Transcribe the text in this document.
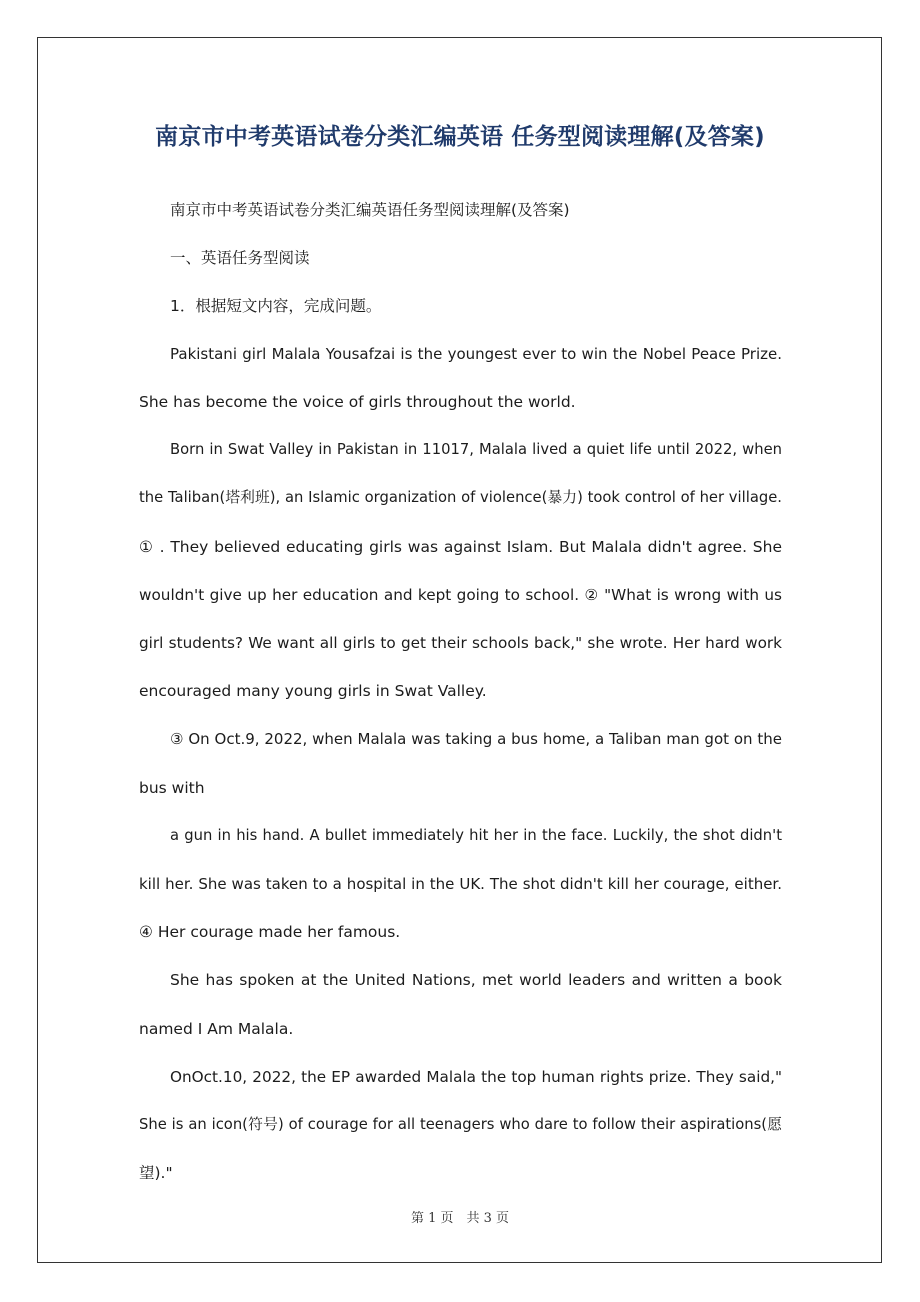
南京市中考英语试卷分类汇编英语 任务型阅读理解(及答案)
南京市中考英语试卷分类汇编英语任务型阅读理解(及答案)
一、英语任务型阅读
1．根据短文内容，完成问题。
Pakistani girl Malala Yousafzai is the youngest ever to win the Nobel Peace Prize.
She has become the voice of girls throughout the world.
Born in Swat Valley in Pakistan in 11017, Malala lived a quiet life until 2022, when
the Taliban(塔利班), an Islamic organization of violence(暴力) took control of her village.
① . They believed educating girls was against Islam. But Malala didn't agree. She
wouldn't give up her education and kept going to school. ② "What is wrong with us
girl students? We want all girls to get their schools back," she wrote. Her hard work
encouraged many young girls in Swat Valley.
③ On Oct.9, 2022, when Malala was taking a bus home, a Taliban man got on the
bus with
a gun in his hand. A bullet immediately hit her in the face. Luckily, the shot didn't
kill her. She was taken to a hospital in the UK. The shot didn't kill her courage, either.
④ Her courage made her famous.
She has spoken at the United Nations, met world leaders and written a book
named I Am Malala.
OnOct.10, 2022, the EP awarded Malala the top human rights prize. They said,"
She is an icon(符号) of courage for all teenagers who dare to follow their aspirations(愿
望)."
第 1 页　共 3 页
